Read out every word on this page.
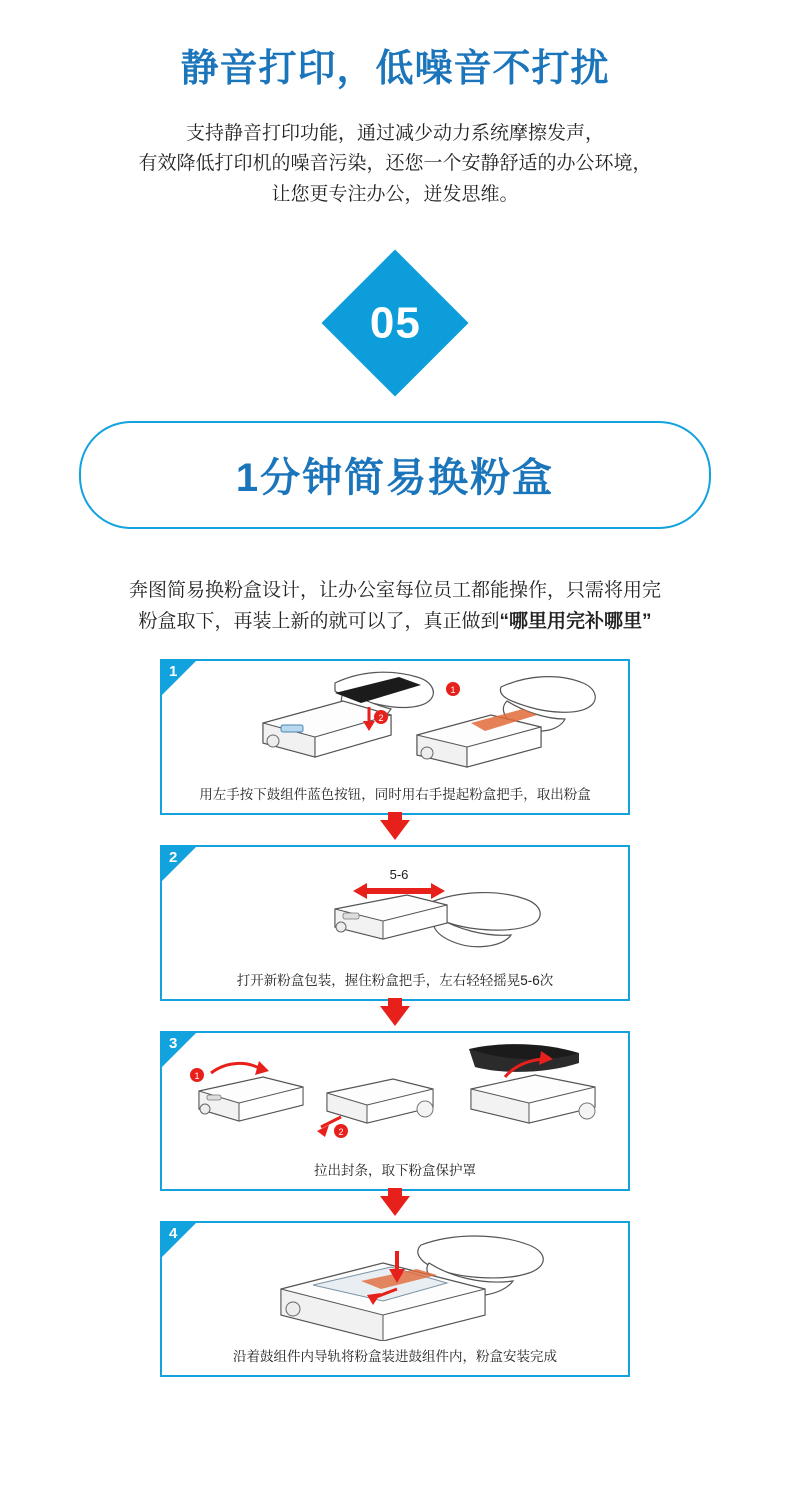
静音打印，低噪音不打扰
支持静音打印功能，通过减少动力系统摩擦发声，
有效降低打印机的噪音污染，还您一个安静舒适的办公环境，
让您更专注办公，迸发思维。
05
1分钟简易换粉盒
奔图简易换粉盒设计，让办公室每位员工都能操作，只需将用完
粉盒取下，再装上新的就可以了，真正做到“哪里用完补哪里”
1
1
2
用左手按下鼓组件蓝色按钮，同时用右手提起粉盒把手，取出粉盒
2
5-6
打开新粉盒包装，握住粉盒把手，左右轻轻摇晃5-6次
3
1
2
拉出封条，取下粉盒保护罩
4
沿着鼓组件内导轨将粉盒装进鼓组件内，粉盒安装完成
